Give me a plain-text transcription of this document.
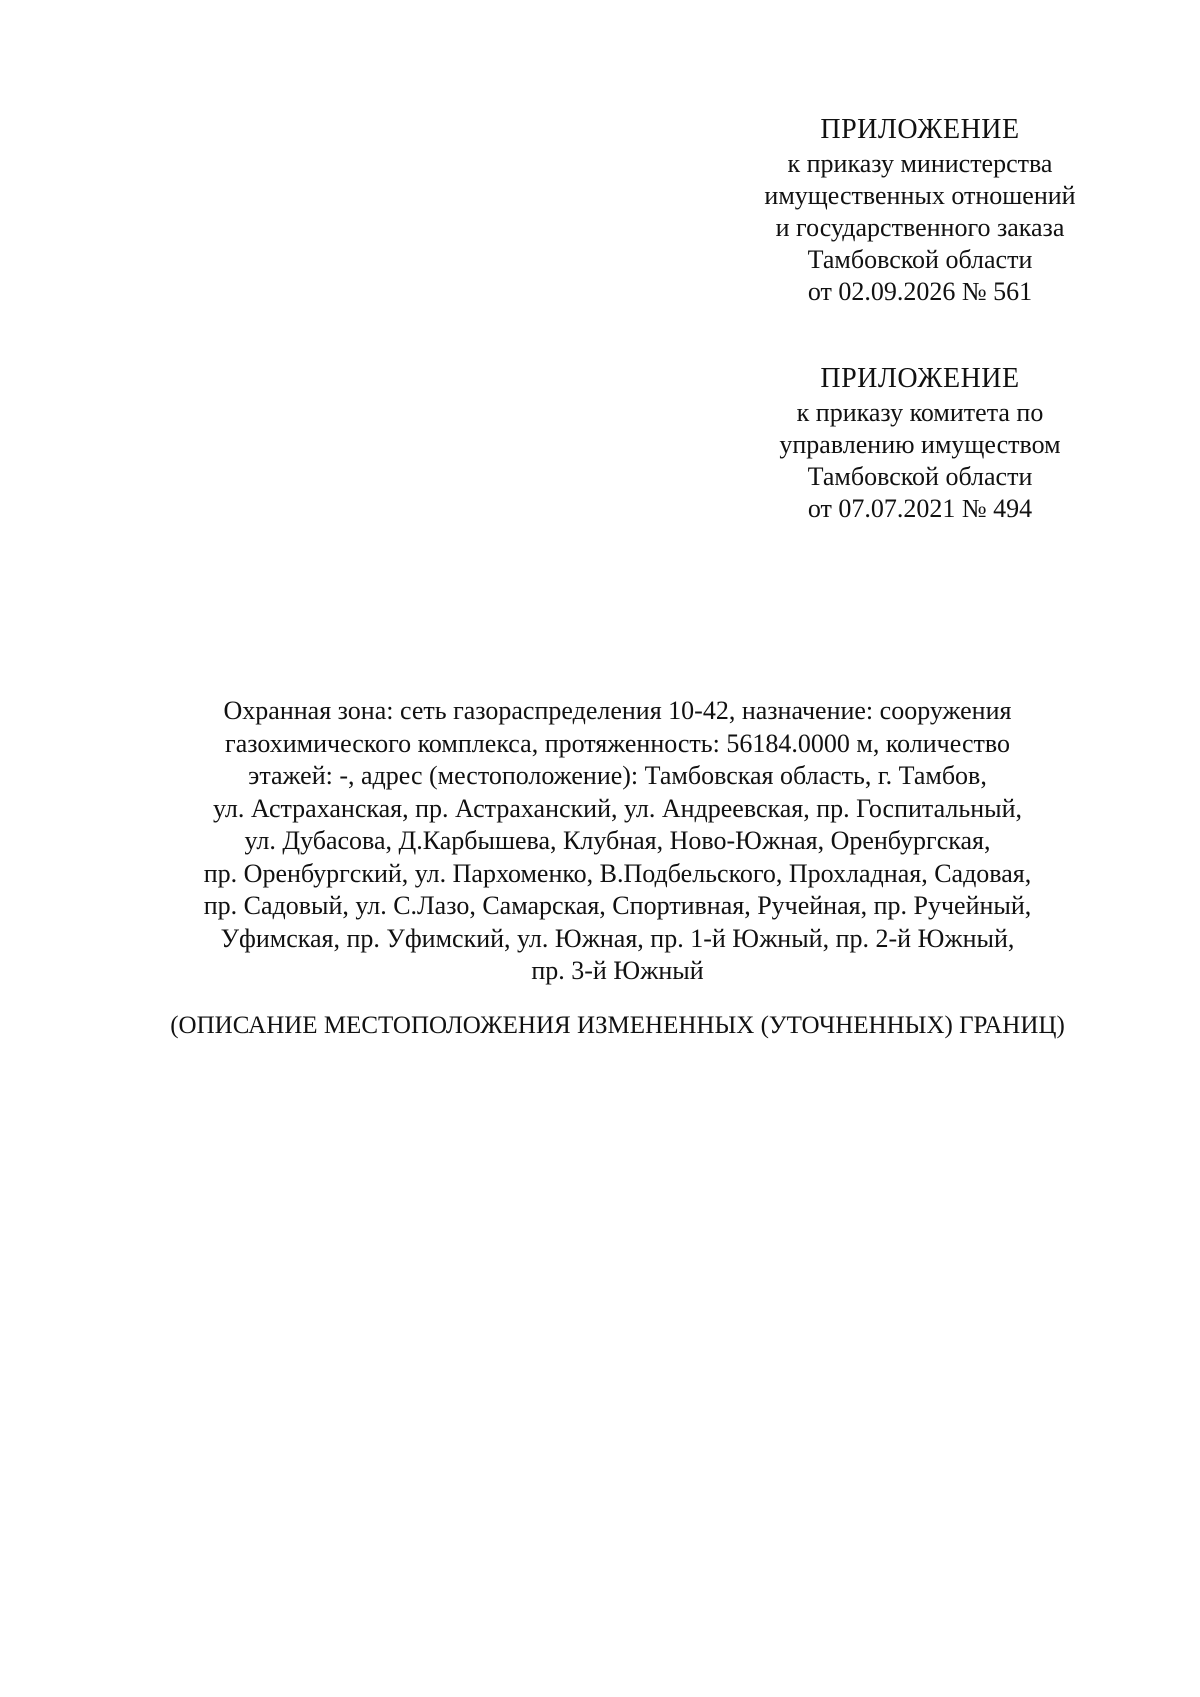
ПРИЛОЖЕНИЕ
к приказу министерства
имущественных отношений
и государственного заказа
Тамбовской области
от 02.09.2026 № 561
ПРИЛОЖЕНИЕ
к приказу комитета по
управлению имуществом
Тамбовской области
от 07.07.2021 № 494
Охранная зона: сеть газораспределения 10-42, назначение: сооружения
газохимического комплекса, протяженность: 56184.0000 м, количество
этажей: -, адрес (местоположение): Тамбовская область, г. Тамбов,
ул. Астраханская, пр. Астраханский, ул. Андреевская, пр. Госпитальный,
ул. Дубасова, Д.Карбышева, Клубная, Ново-Южная, Оренбургская,
пр. Оренбургский, ул. Пархоменко, В.Подбельского, Прохладная, Садовая,
пр. Садовый, ул. С.Лазо, Самарская, Спортивная, Ручейная, пр. Ручейный,
Уфимская, пр. Уфимский, ул. Южная, пр. 1-й Южный, пр. 2-й Южный,
пр. 3-й Южный
(ОПИСАНИЕ МЕСТОПОЛОЖЕНИЯ ИЗМЕНЕННЫХ (УТОЧНЕННЫХ) ГРАНИЦ)
